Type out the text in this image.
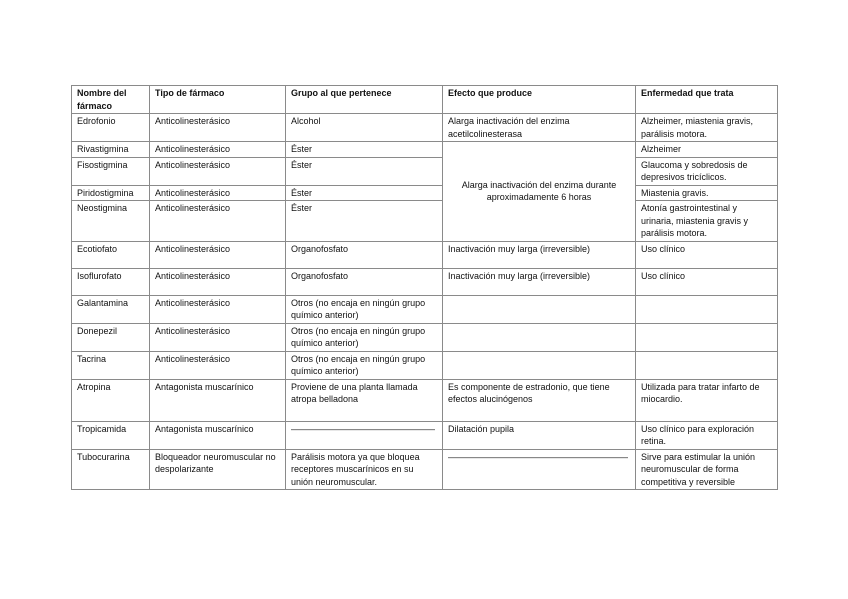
Nombre del fármaco	Tipo de fármaco	Grupo al que pertenece	Efecto que produce	Enfermedad que trata
Edrofonio	Anticolinesterásico	Alcohol	Alarga inactivación del enzima acetilcolinesterasa	Alzheimer, miastenia gravis, parálisis motora.
Rivastigmina	Anticolinesterásico	Éster	Alarga inactivación del enzima durante aproximadamente 6 horas	Alzheimer
Fisostigmina	Anticolinesterásico	Éster		Glaucoma y sobredosis de depresivos tricíclicos.
Piridostigmina	Anticolinesterásico	Éster		Miastenia gravis.
Neostigmina	Anticolinesterásico	Éster		Atonía gastrointestinal y urinaria, miastenia gravis y parálisis motora.
Ecotiofato	Anticolinesterásico	Organofosfato	Inactivación muy larga (irreversible)	Uso clínico
Isoflurofato	Anticolinesterásico	Organofosfato	Inactivación muy larga (irreversible)	Uso clínico
Galantamina	Anticolinesterásico	Otros (no encaja en ningún grupo químico anterior)		
Donepezil	Anticolinesterásico	Otros (no encaja en ningún grupo químico anterior)		
Tacrina	Anticolinesterásico	Otros (no encaja en ningún grupo químico anterior)		
Atropina	Antagonista muscarínico	Proviene de una planta llamada atropa belladona	Es componente de estradonio, que tiene efectos alucinógenos	Utilizada para tratar infarto de miocardio.
Tropicamida	Antagonista muscarínico	————————————————	Dilatación pupila	Uso clínico para exploración retina.
Tubocurarina	Bloqueador neuromuscular no despolarizante	Parálisis motora ya que bloquea receptores muscarínicos en su unión neuromuscular.	————————————————————	Sirve para estimular la unión neuromuscular de forma competitiva y reversible
